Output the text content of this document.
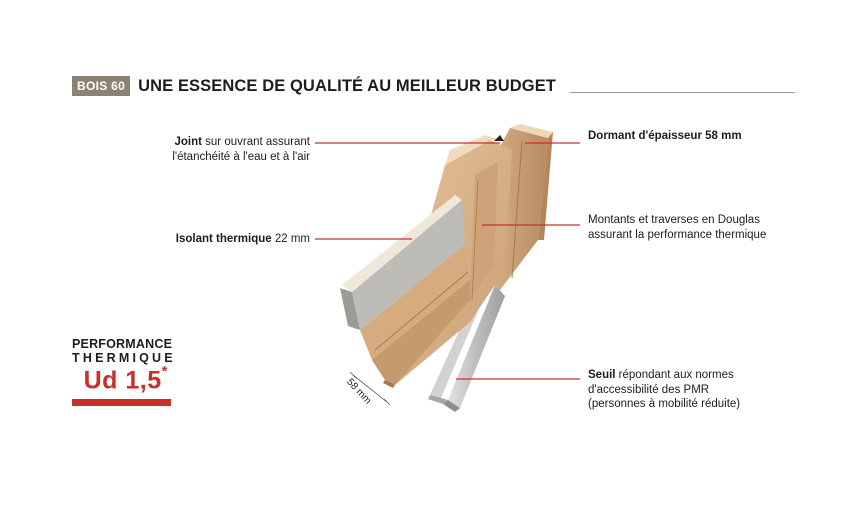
BOIS 60 UNE ESSENCE DE QUALITÉ AU MEILLEUR BUDGET
58 mm
Joint sur ouvrant assurant
l'étanchéité à l'eau et à l'air
Isolant thermique 22 mm
Dormant d'épaisseur 58 mm
Montants et traverses en Douglas
assurant la performance thermique
Seuil répondant aux normes
d'accessibilité des PMR
(personnes à mobilité réduite)
PERFORMANCE
THERMIQUE
Ud 1,5*
